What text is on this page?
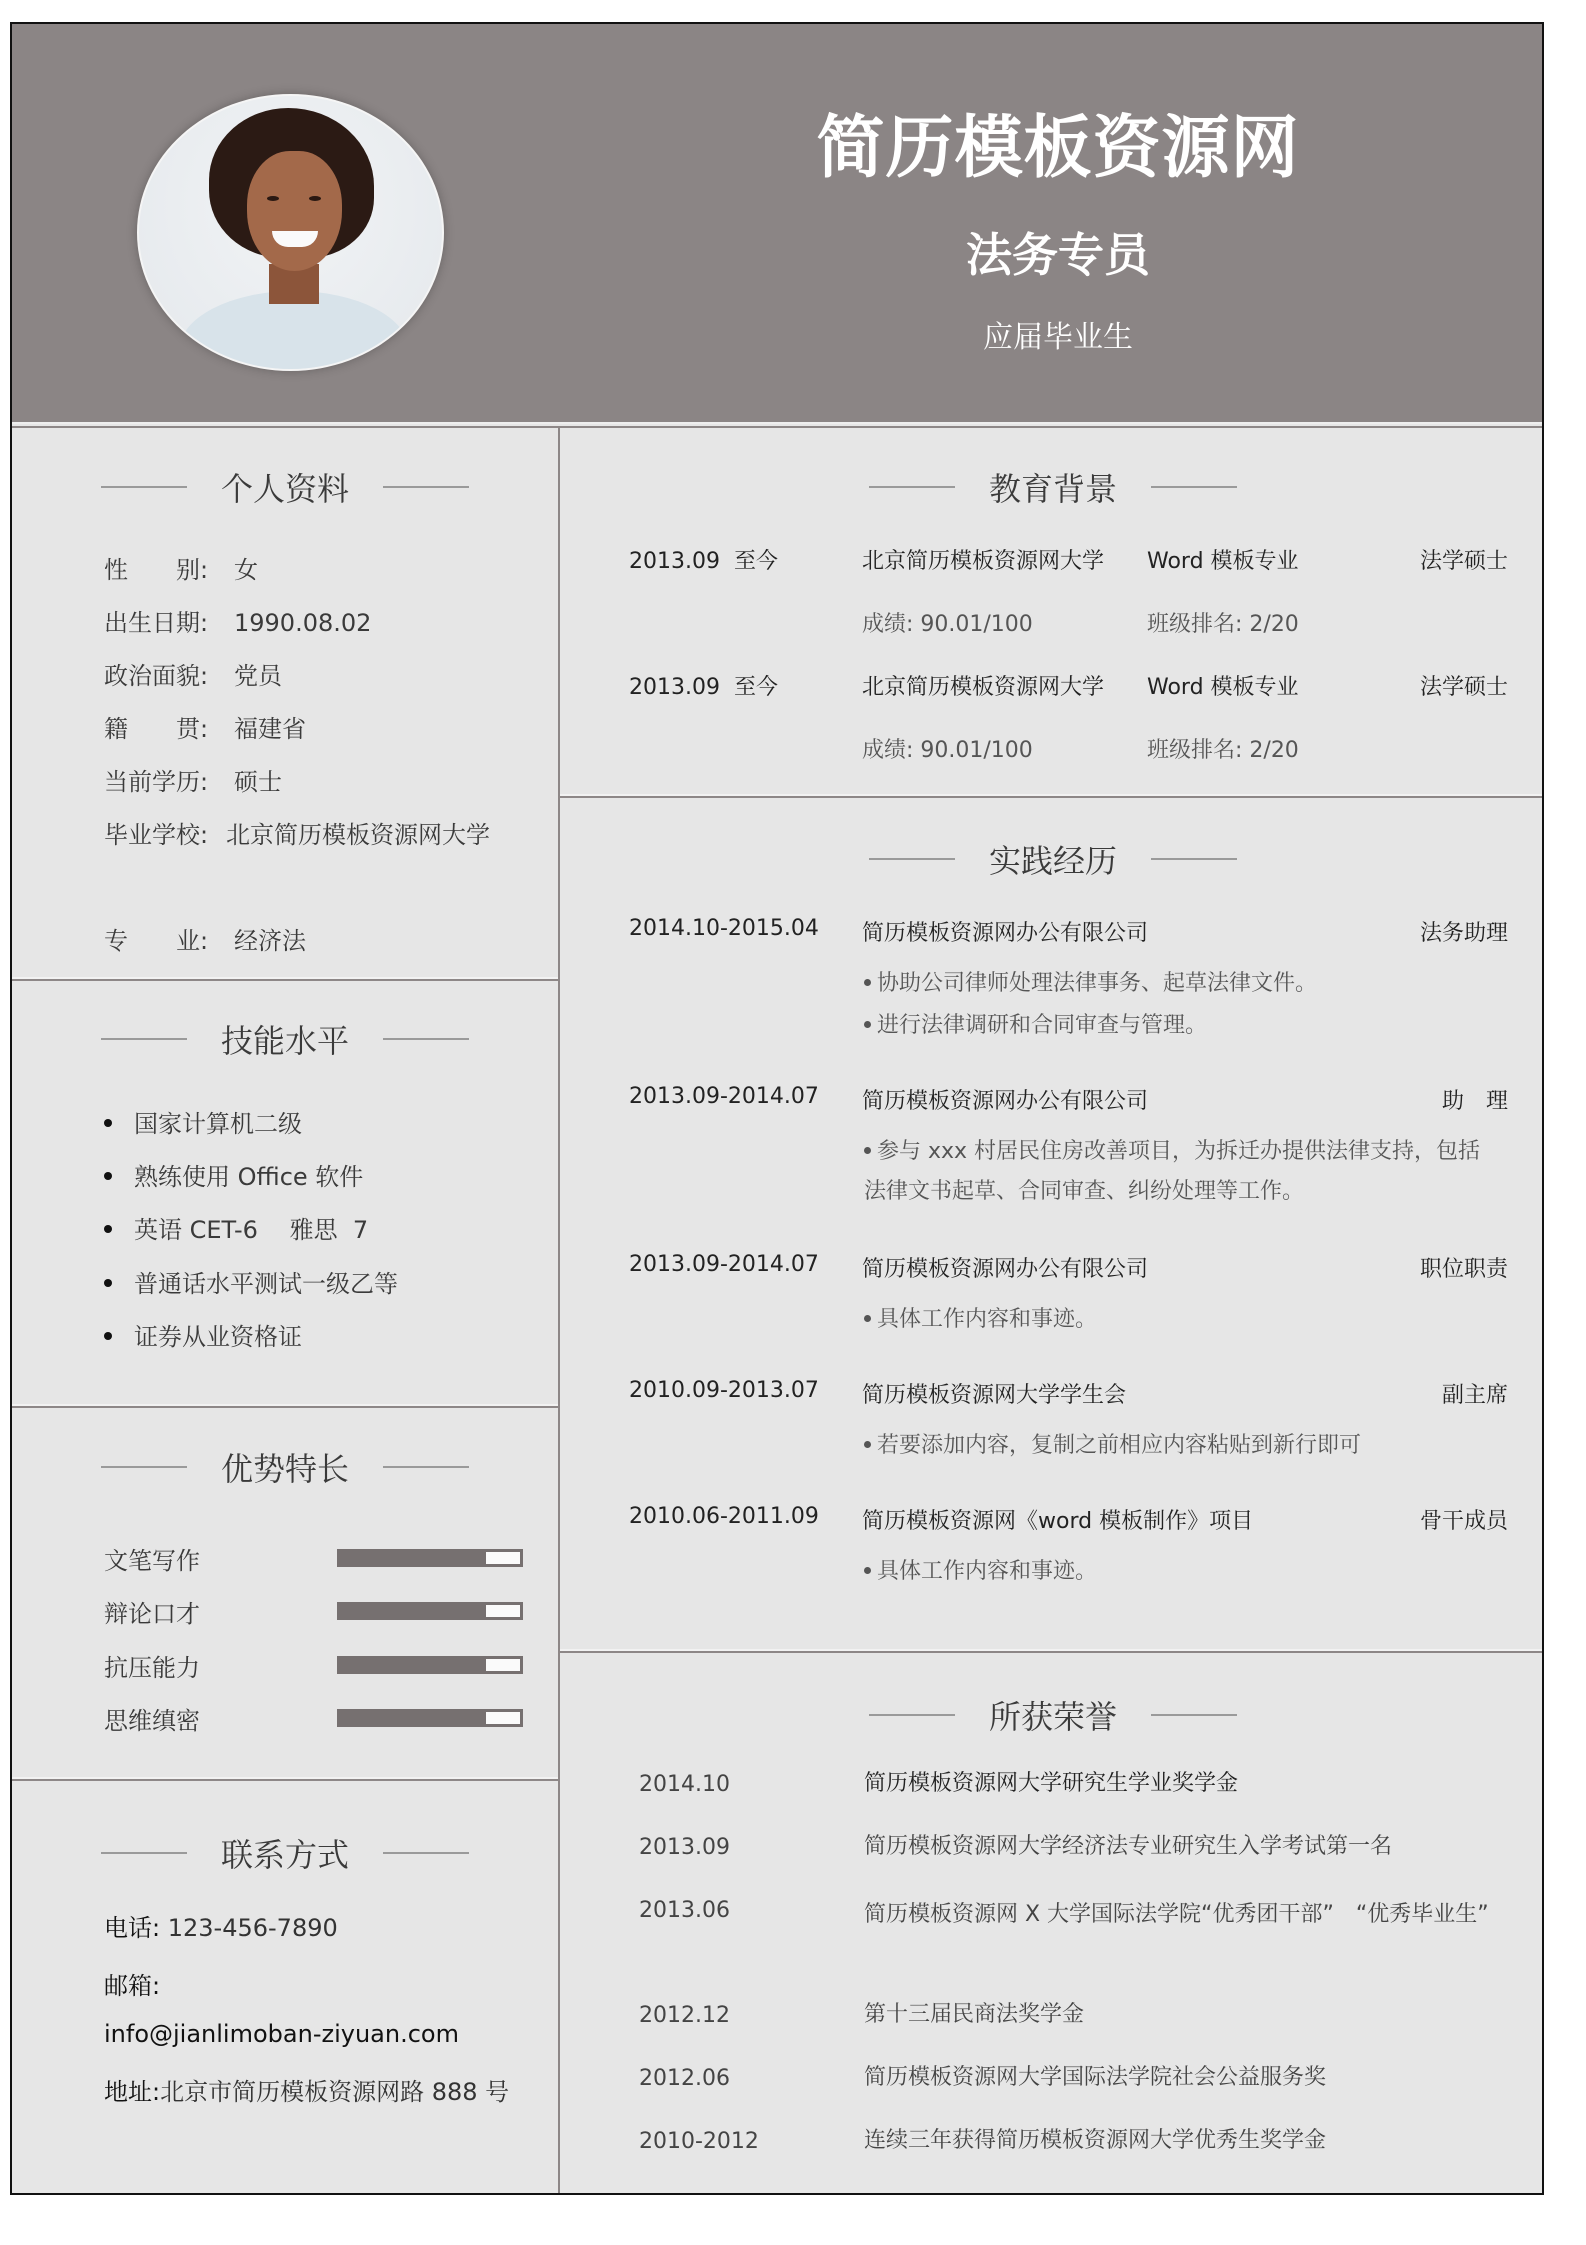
简历模板资源网
法务专员
应届毕业生
个人资料
性　　别: 女
出生日期: 1990.08.02
政治面貌: 党员
籍　　贯: 福建省
当前学历: 硕士
毕业学校: 北京简历模板资源网大学
专　　业: 经济法
技能水平
国家计算机二级
熟练使用 Office 软件
英语 CET-6　 雅思  7
普通话水平测试一级乙等
证券从业资格证
优势特长
文笔写作
辩论口才
抗压能力
思维缜密
联系方式
电话: 123-456-7890
邮箱:
info@jianlimoban-ziyuan.com
地址:北京市简历模板资源网路 888 号
教育背景
2013.09  至今	北京简历模板资源网大学 Word 模板专业	法学硕士
成绩: 90.01/100	班级排名: 2/20
2013.09  至今	北京简历模板资源网大学 Word 模板专业	法学硕士
成绩: 90.01/100	班级排名: 2/20
实践经历
2014.10-2015.04 简历模板资源网办公有限公司	法务助理
协助公司律师处理法律事务、起草法律文件。
进行法律调研和合同审查与管理。
2013.09-2014.07 简历模板资源网办公有限公司	助　理
参与 xxx 村居民住房改善项目，为拆迁办提供法律支持，包括法律文书起草、合同审查、纠纷处理等工作。
2013.09-2014.07 简历模板资源网办公有限公司	职位职责
具体工作内容和事迹。
2010.09-2013.07 简历模板资源网大学学生会	副主席
若要添加内容，复制之前相应内容粘贴到新行即可
2010.06-2011.09 简历模板资源网《word 模板制作》项目	骨干成员
具体工作内容和事迹。
所获荣誉
2014.10	简历模板资源网大学研究生学业奖学金
2013.09	简历模板资源网大学经济法专业研究生入学考试第一名
2013.06	简历模板资源网 X 大学国际法学院“优秀团干部”　“优秀毕业生”
2012.12	第十三届民商法奖学金
2012.06	简历模板资源网大学国际法学院社会公益服务奖
2010-2012	连续三年获得简历模板资源网大学优秀生奖学金
